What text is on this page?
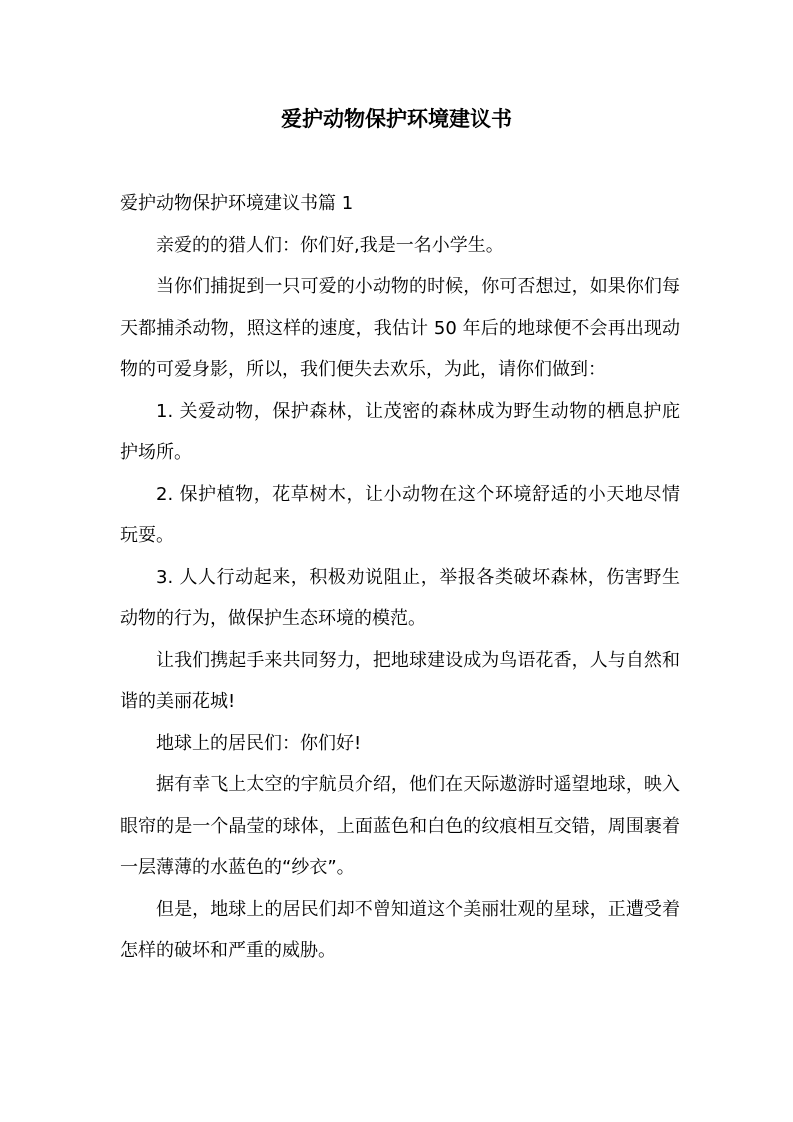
爱护动物保护环境建议书

爱护动物保护环境建议书篇 1

亲爱的的猎人们：你们好,我是一名小学生。

当你们捕捉到一只可爱的小动物的时候，你可否想过，如果你们每天都捕杀动物，照这样的速度，我估计 50 年后的地球便不会再出现动物的可爱身影，所以，我们便失去欢乐，为此，请你们做到：

1. 关爱动物，保护森林，让茂密的森林成为野生动物的栖息护庇护场所。

2. 保护植物，花草树木，让小动物在这个环境舒适的小天地尽情玩耍。

3. 人人行动起来，积极劝说阻止，举报各类破坏森林，伤害野生动物的行为，做保护生态环境的模范。

让我们携起手来共同努力，把地球建设成为鸟语花香，人与自然和谐的美丽花城!

地球上的居民们：你们好!

据有幸飞上太空的宇航员介绍，他们在天际遨游时遥望地球，映入眼帘的是一个晶莹的球体，上面蓝色和白色的纹痕相互交错，周围裹着一层薄薄的水蓝色的“纱衣”。

但是，地球上的居民们却不曾知道这个美丽壮观的星球，正遭受着怎样的破坏和严重的威胁。
